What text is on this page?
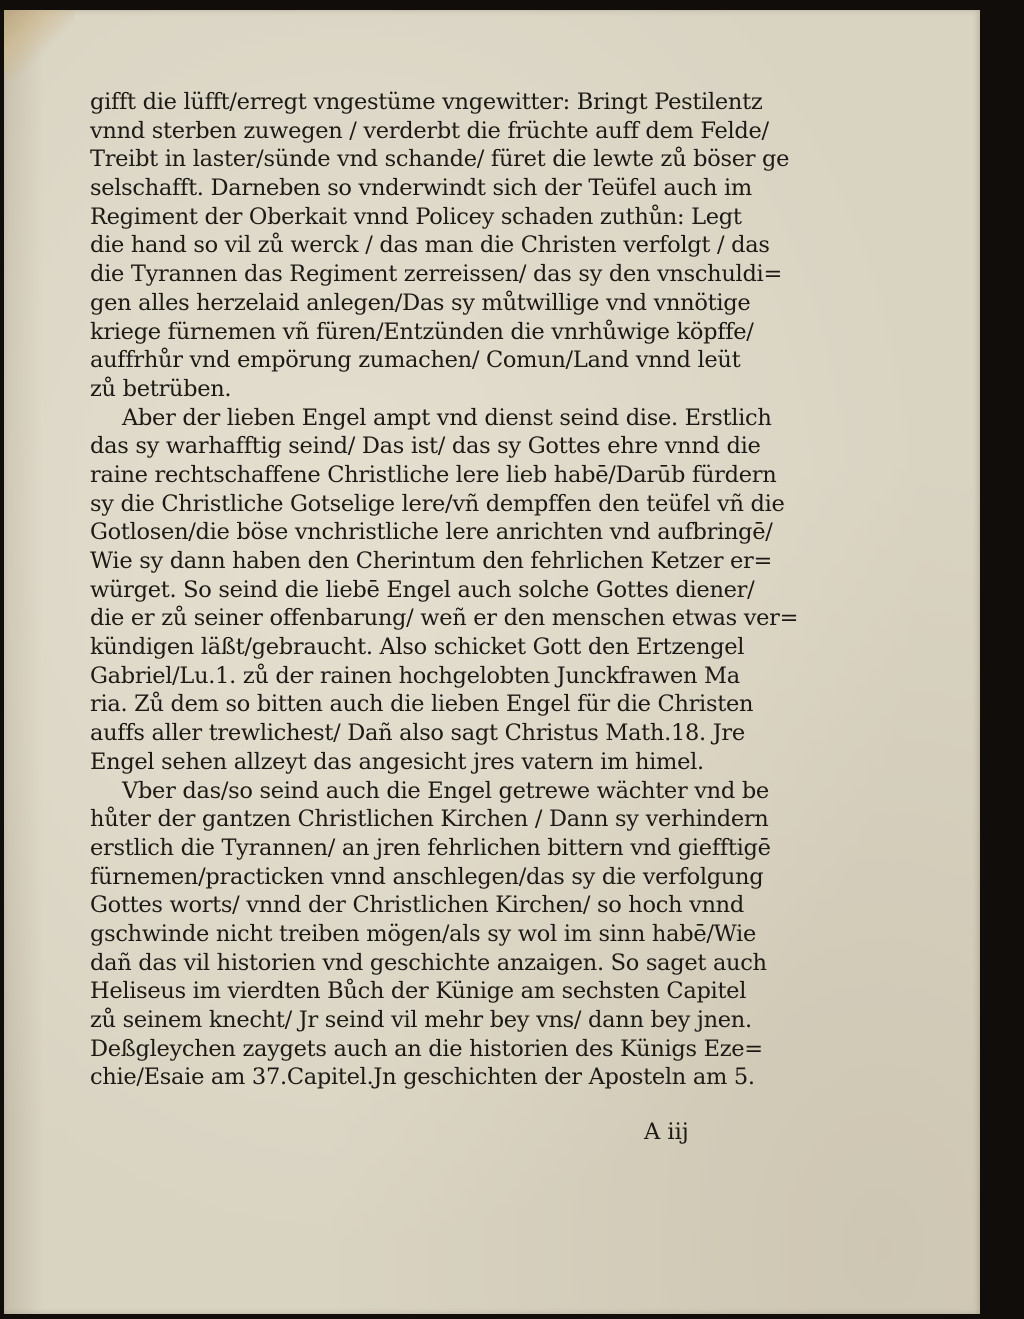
gifft die lüfft/erregt vngestüme vngewitter: Bringt Pestilentz
vnnd sterben zuwegen / verderbt die früchte auff dem Felde/
Treibt in laster/sünde vnd schande/ füret die lewte zů böser ge
selschafft. Darneben so vnderwindt sich der Teüfel auch im
Regiment der Oberkait vnnd Policey schaden zuthůn: Legt
die hand so vil zů werck / das man die Christen verfolgt / das
die Tyrannen das Regiment zerreissen/ das sy den vnschuldi=
gen alles herzelaid anlegen/Das sy můtwillige vnd vnnötige
kriege fürnemen vñ füren/Entzünden die vnrhůwige köpffe/
auffrhůr vnd empörung zumachen/ Comun/Land vnnd leüt
zů betrüben.
Aber der lieben Engel ampt vnd dienst seind dise. Erstlich
das sy warhafftig seind/ Das ist/ das sy Gottes ehre vnnd die
raine rechtschaffene Christliche lere lieb habē/Darūb fürdern
sy die Christliche Gotselige lere/vñ dempffen den teüfel vñ die
Gotlosen/die böse vnchristliche lere anrichten vnd aufbringē/
Wie sy dann haben den Cherintum den fehrlichen Ketzer er=
würget. So seind die liebē Engel auch solche Gottes diener/
die er zů seiner offenbarung/ weñ er den menschen etwas ver=
kündigen läßt/gebraucht. Also schicket Gott den Ertzengel
Gabriel/Lu.1. zů der rainen hochgelobten Junckfrawen Ma
ria. Zů dem so bitten auch die lieben Engel für die Christen
auffs aller trewlichest/ Dañ also sagt Christus Math.18. Jre
Engel sehen allzeyt das angesicht jres vatern im himel.
Vber das/so seind auch die Engel getrewe wächter vnd be
hůter der gantzen Christlichen Kirchen / Dann sy verhindern
erstlich die Tyrannen/ an jren fehrlichen bittern vnd giefftigē
fürnemen/practicken vnnd anschlegen/das sy die verfolgung
Gottes worts/ vnnd der Christlichen Kirchen/ so hoch vnnd
gschwinde nicht treiben mögen/als sy wol im sinn habē/Wie
dañ das vil historien vnd geschichte anzaigen. So saget auch
Heliseus im vierdten Bůch der Künige am sechsten Capitel
zů seinem knecht/ Jr seind vil mehr bey vns/ dann bey jnen.
Deßgleychen zaygets auch an die historien des Künigs Eze=
chie/Esaie am 37.Capitel.Jn geschichten der Aposteln am 5.
A iij
